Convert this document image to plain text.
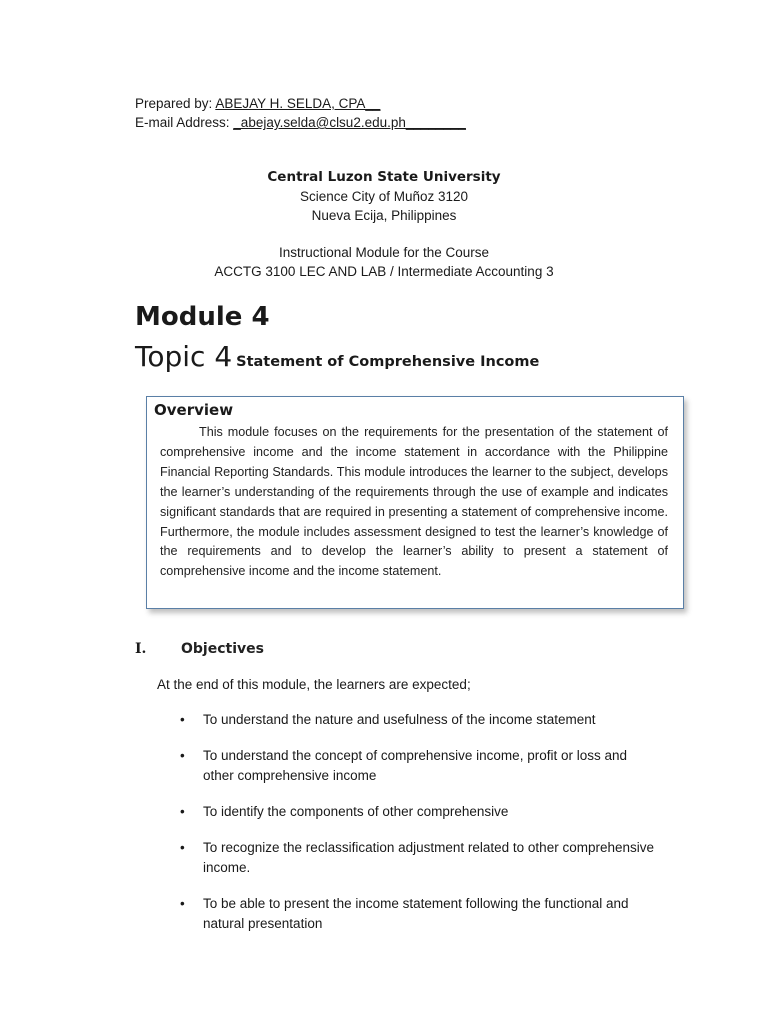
Prepared by: ABEJAY H. SELDA, CPA__
E-mail Address: _abejay.selda@clsu2.edu.ph________
Central Luzon State University
Science City of Muñoz 3120
Nueva Ecija, Philippines
Instructional Module for the Course
ACCTG 3100 LEC AND LAB / Intermediate Accounting 3
Module 4
Topic 4 Statement of Comprehensive Income
Overview
This module focuses on the requirements for the presentation of the statement of comprehensive income and the income statement in accordance with the Philippine Financial Reporting Standards. This module introduces the learner to the subject, develops the learner’s understanding of the requirements through the use of example and indicates significant standards that are required in presenting a statement of comprehensive income. Furthermore, the module includes assessment designed to test the learner’s knowledge of the requirements and to develop the learner’s ability to present a statement of comprehensive income and the income statement.
I. Objectives
At the end of this module, the learners are expected;
• To understand the nature and usefulness of the income statement
• To understand the concept of comprehensive income, profit or loss and other comprehensive income
• To identify the components of other comprehensive
• To recognize the reclassification adjustment related to other comprehensive income.
• To be able to present the income statement following the functional and natural presentation
